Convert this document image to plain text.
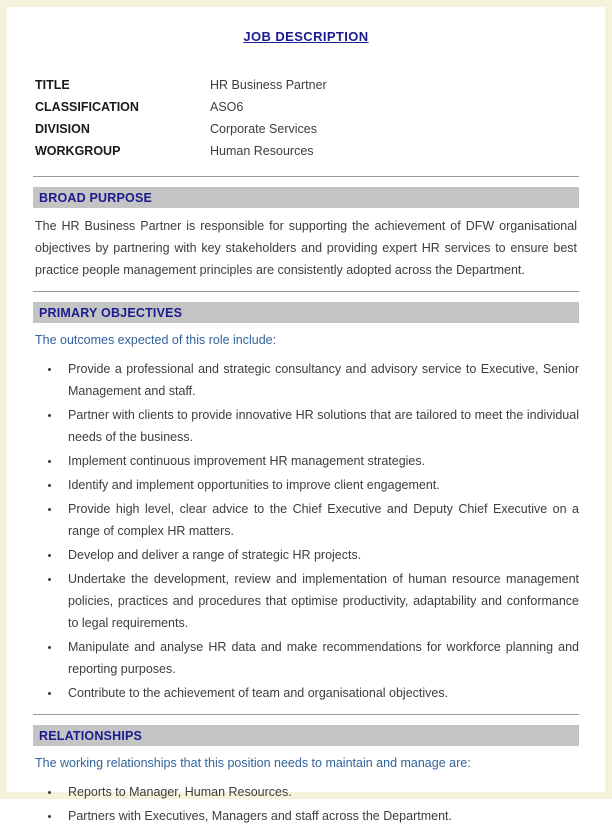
JOB DESCRIPTION
TITLE	HR Business Partner
CLASSIFICATION	ASO6
DIVISION	Corporate Services
WORKGROUP	Human Resources
BROAD PURPOSE

The HR Business Partner is responsible for supporting the achievement of DFW organisational objectives by partnering with key stakeholders and providing expert HR services to ensure best practice people management principles are consistently adopted across the Department.

PRIMARY OBJECTIVES

The outcomes expected of this role include:

• Provide a professional and strategic consultancy and advisory service to Executive, Senior Management and staff.
• Partner with clients to provide innovative HR solutions that are tailored to meet the individual needs of the business.
• Implement continuous improvement HR management strategies.
• Identify and implement opportunities to improve client engagement.
• Provide high level, clear advice to the Chief Executive and Deputy Chief Executive on a range of complex HR matters.
• Develop and deliver a range of strategic HR projects.
• Undertake the development, review and implementation of human resource management policies, practices and procedures that optimise productivity, adaptability and conformance to legal requirements.
• Manipulate and analyse HR data and make recommendations for workforce planning and reporting purposes.
• Contribute to the achievement of team and organisational objectives.
RELATIONSHIPS

The working relationships that this position needs to maintain and manage are:

• Reports to Manager, Human Resources.
• Partners with Executives, Managers and staff across the Department.
